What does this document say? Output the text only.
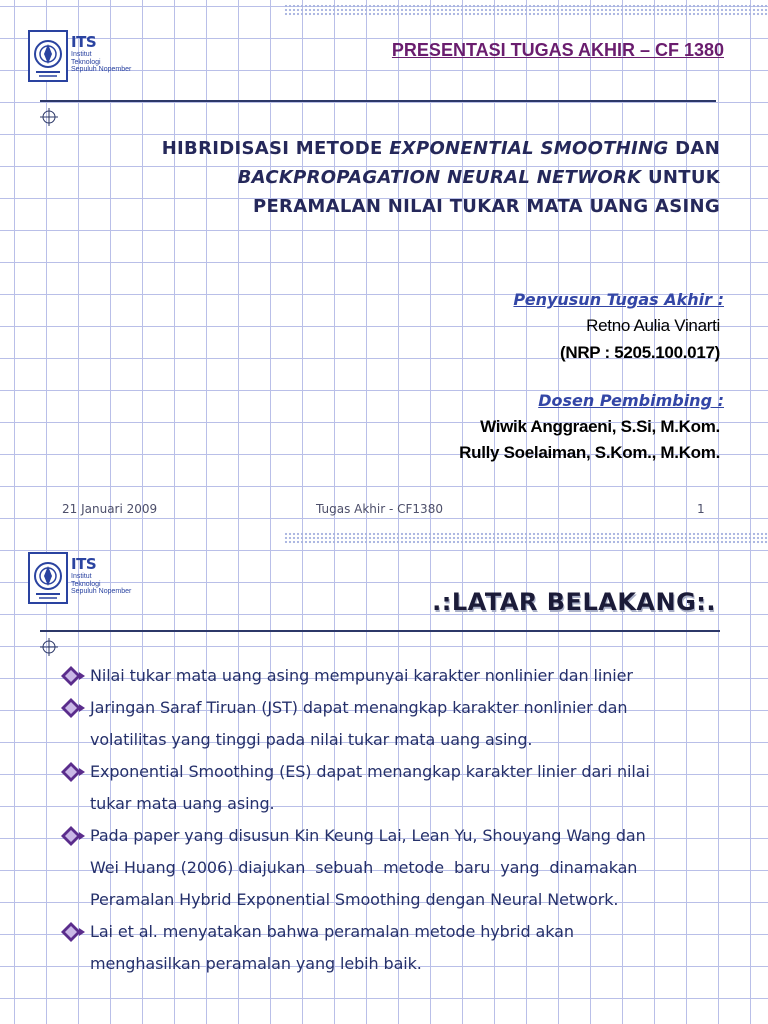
ITS
Institut
Teknologi
Sepuluh Nopember
PRESENTASI TUGAS AKHIR – CF 1380
HIBRIDISASI METODE EXPONENTIAL SMOOTHING DAN
BACKPROPAGATION NEURAL NETWORK UNTUK
PERAMALAN NILAI TUKAR MATA UANG ASING
Penyusun Tugas Akhir :
Retno Aulia Vinarti
(NRP : 5205.100.017)
Dosen Pembimbing :
Wiwik Anggraeni, S.Si, M.Kom.
Rully Soelaiman, S.Kom., M.Kom.
21 Januari 2009	Tugas Akhir - CF1380	1
ITS
Institut
Teknologi
Sepuluh Nopember	.:LATAR BELAKANG:.
Nilai tukar mata uang asing mempunyai karakter nonlinier dan linier
Jaringan Saraf Tiruan (JST) dapat menangkap karakter nonlinier dan
volatilitas yang tinggi pada nilai tukar mata uang asing.
Exponential Smoothing (ES) dapat menangkap karakter linier dari nilai
tukar mata uang asing.
Pada paper yang disusun Kin Keung Lai, Lean Yu, Shouyang Wang dan
Wei Huang (2006) diajukan  sebuah  metode  baru  yang  dinamakan
Peramalan Hybrid Exponential Smoothing dengan Neural Network.
Lai et al. menyatakan bahwa peramalan metode hybrid akan
menghasilkan peramalan yang lebih baik.
